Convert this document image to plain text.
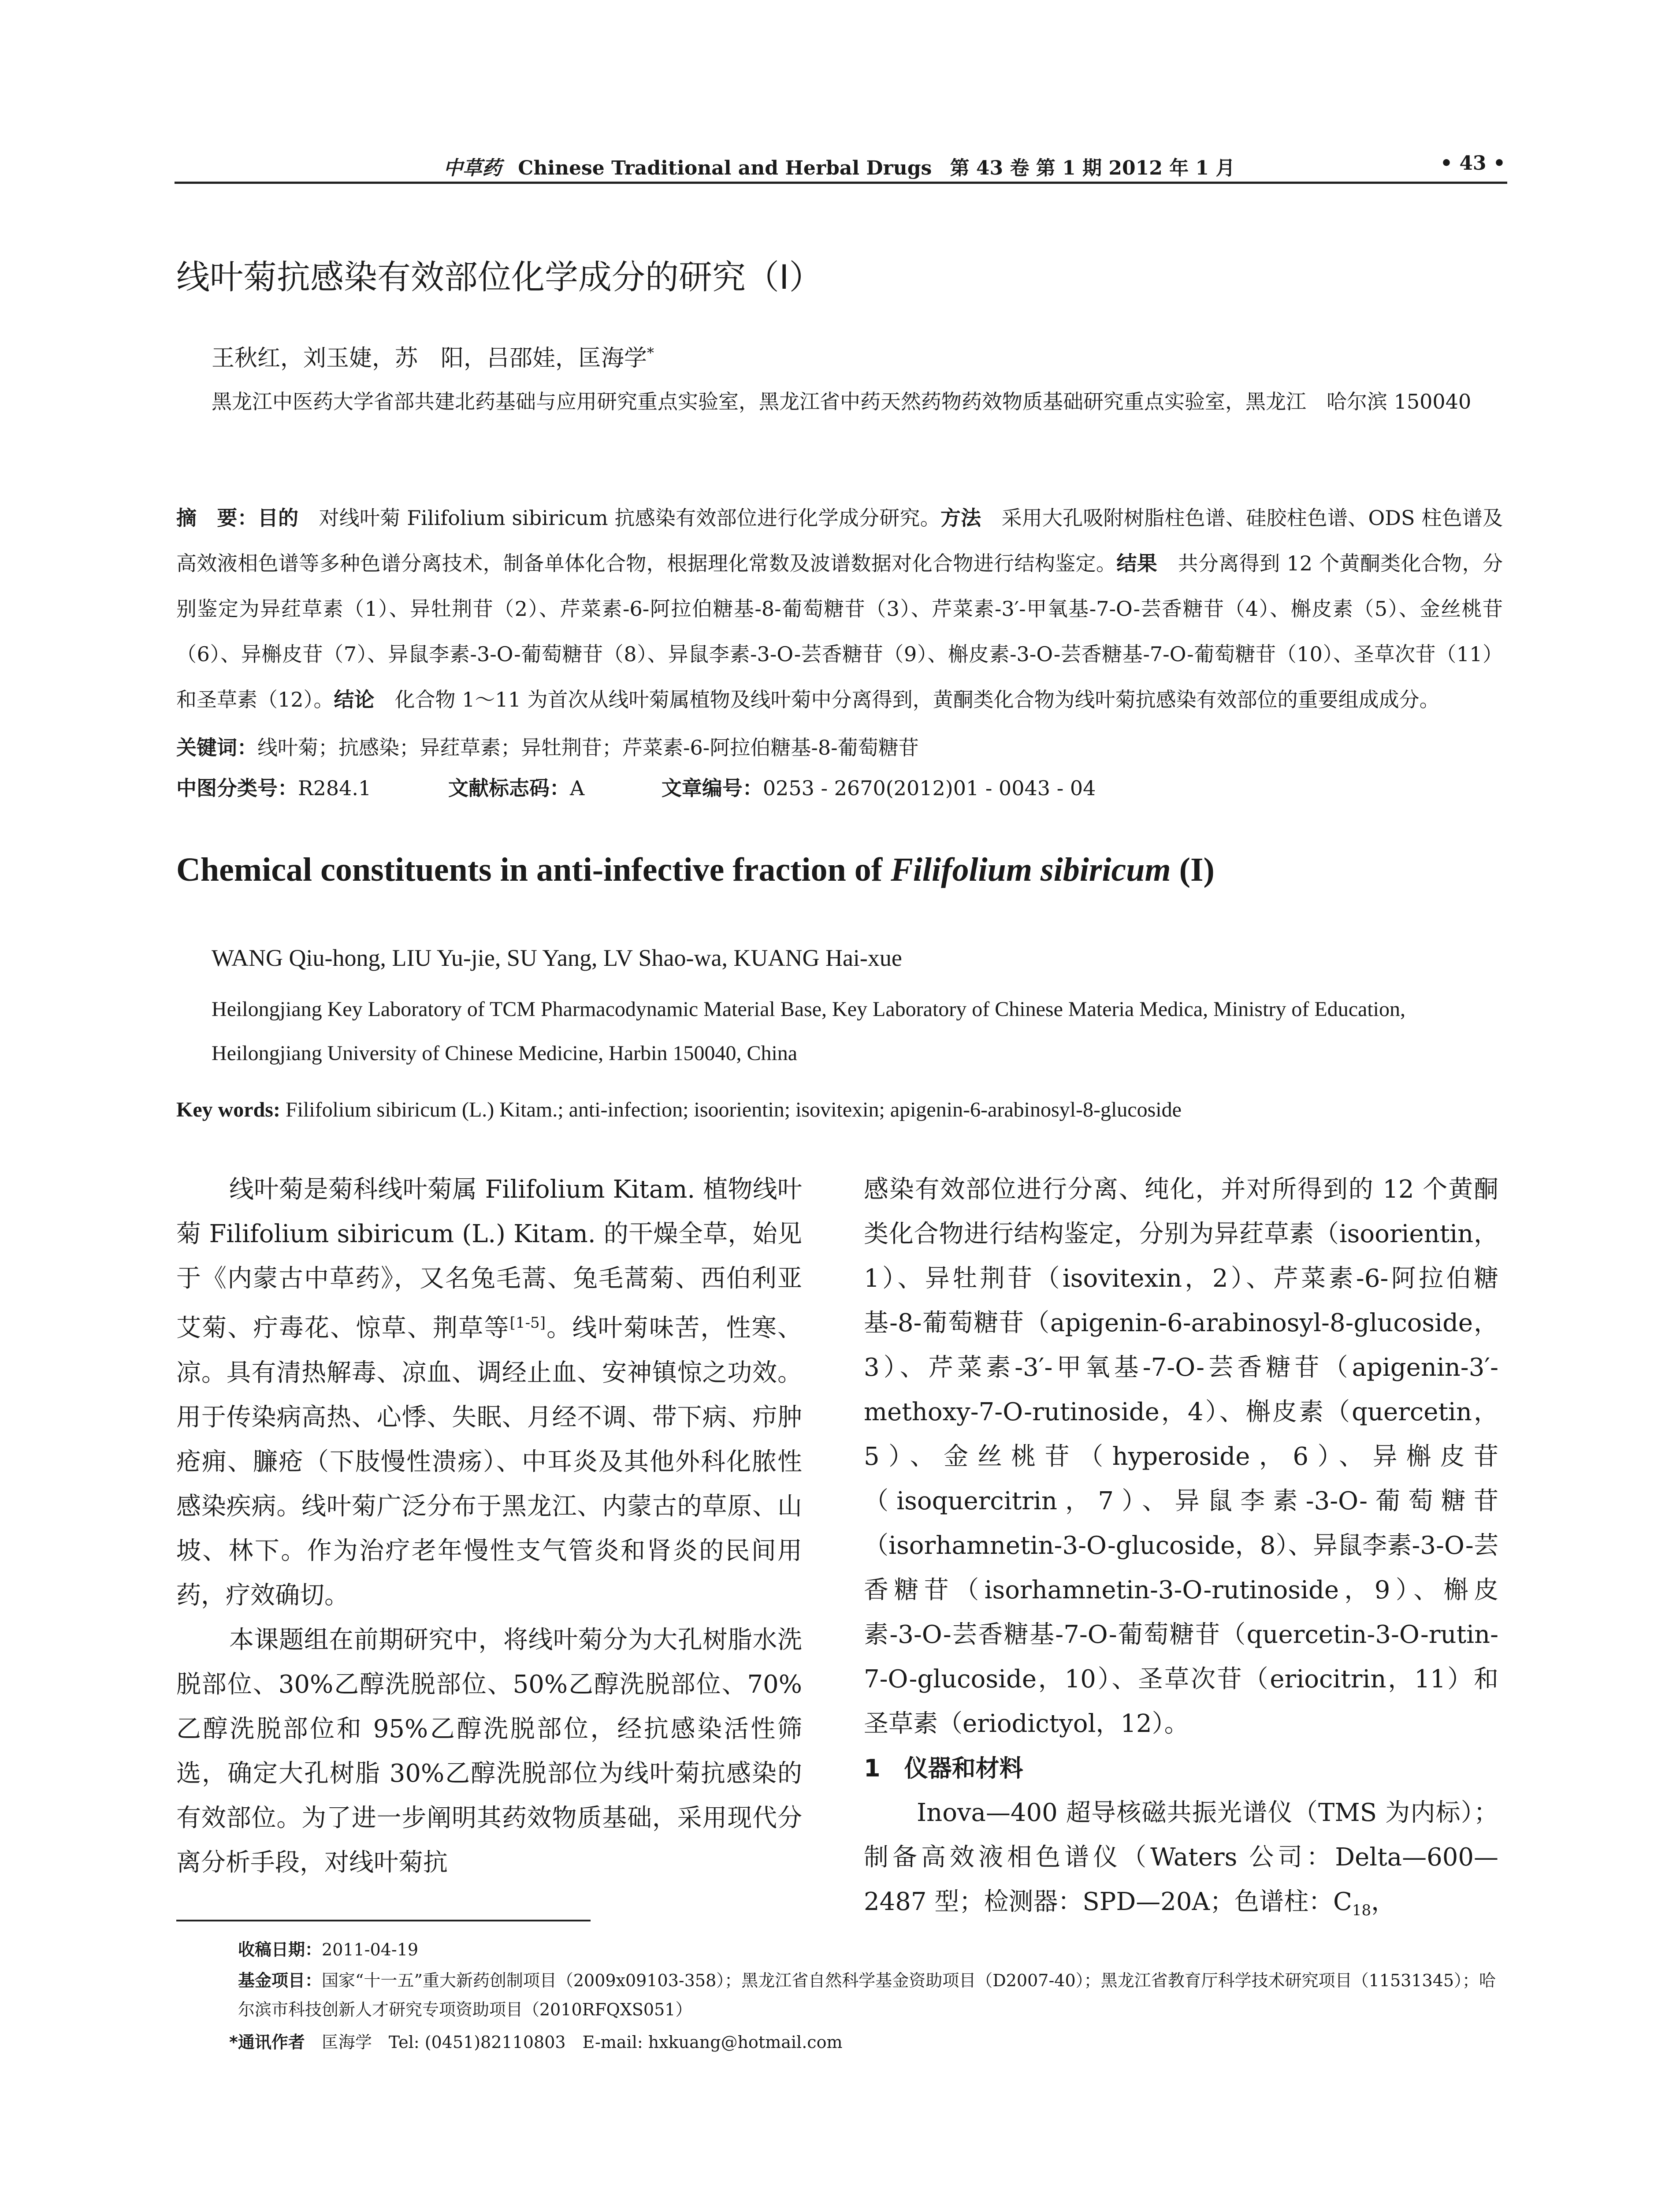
中草药 Chinese Traditional and Herbal Drugs 第 43 卷 第 1 期 2012 年 1 月	• 43 •
线叶菊抗感染有效部位化学成分的研究（I）
王秋红，刘玉婕，苏　阳，吕邵娃，匡海学*
黑龙江中医药大学省部共建北药基础与应用研究重点实验室，黑龙江省中药天然药物药效物质基础研究重点实验室，黑龙江　哈尔滨 150040
摘　要：目的　对线叶菊 Filifolium sibiricum 抗感染有效部位进行化学成分研究。方法　采用大孔吸附树脂柱色谱、硅胶柱色谱、ODS 柱色谱及高效液相色谱等多种色谱分离技术，制备单体化合物，根据理化常数及波谱数据对化合物进行结构鉴定。结果　共分离得到 12 个黄酮类化合物，分别鉴定为异荭草素（1）、异牡荆苷（2）、芹菜素-6-阿拉伯糖基-8-葡萄糖苷（3）、芹菜素-3′-甲氧基-7-O-芸香糖苷（4）、槲皮素（5）、金丝桃苷（6）、异槲皮苷（7）、异鼠李素-3-O-葡萄糖苷（8）、异鼠李素-3-O-芸香糖苷（9）、槲皮素-3-O-芸香糖基-7-O-葡萄糖苷（10）、圣草次苷（11）和圣草素（12）。结论　化合物 1～11 为首次从线叶菊属植物及线叶菊中分离得到，黄酮类化合物为线叶菊抗感染有效部位的重要组成成分。
关键词：线叶菊；抗感染；异荭草素；异牡荆苷；芹菜素-6-阿拉伯糖基-8-葡萄糖苷
中图分类号：R284.1	文献标志码：A	文章编号：0253 - 2670(2012)01 - 0043 - 04
Chemical constituents in anti-infective fraction of Filifolium sibiricum (I)
WANG Qiu-hong, LIU Yu-jie, SU Yang, LV Shao-wa, KUANG Hai-xue
Heilongjiang Key Laboratory of TCM Pharmacodynamic Material Base, Key Laboratory of Chinese Materia Medica, Ministry of Education, Heilongjiang University of Chinese Medicine, Harbin 150040, China
Key words: Filifolium sibiricum (L.) Kitam.; anti-infection; isoorientin; isovitexin; apigenin-6-arabinosyl-8-glucoside

线叶菊是菊科线叶菊属 Filifolium Kitam. 植物线叶菊 Filifolium sibiricum (L.) Kitam. 的干燥全草，始见于《内蒙古中草药》，又名兔毛蒿、兔毛蒿菊、西伯利亚艾菊、疔毒花、惊草、荆草等[1-5]。线叶菊味苦，性寒、凉。具有清热解毒、凉血、调经止血、安神镇惊之功效。用于传染病高热、心悸、失眠、月经不调、带下病、疖肿疮痈、臁疮（下肢慢性溃疡）、中耳炎及其他外科化脓性感染疾病。线叶菊广泛分布于黑龙江、内蒙古的草原、山坡、林下。作为治疗老年慢性支气管炎和肾炎的民间用药，疗效确切。

本课题组在前期研究中，将线叶菊分为大孔树脂水洗脱部位、30%乙醇洗脱部位、50%乙醇洗脱部位、70%乙醇洗脱部位和 95%乙醇洗脱部位，经抗感染活性筛选，确定大孔树脂 30%乙醇洗脱部位为线叶菊抗感染的有效部位。为了进一步阐明其药效物质基础，采用现代分离分析手段，对线叶菊抗

感染有效部位进行分离、纯化，并对所得到的 12 个黄酮类化合物进行结构鉴定，分别为异荭草素（isoorientin，1）、异牡荆苷（isovitexin，2）、芹菜素-6-阿拉伯糖基-8-葡萄糖苷（apigenin-6-arabinosyl-8-glucoside，3）、芹菜素-3′-甲氧基-7-O-芸香糖苷（apigenin-3′-methoxy-7-O-rutinoside，4）、槲皮素（quercetin，5）、金丝桃苷（hyperoside，6）、异槲皮苷（isoquercitrin，7）、异鼠李素-3-O-葡萄糖苷（isorhamnetin-3-O-glucoside，8）、异鼠李素-3-O-芸香糖苷（isorhamnetin-3-O-rutinoside，9）、槲皮素-3-O-芸香糖基-7-O-葡萄糖苷（quercetin-3-O-rutin-7-O-glucoside，10）、圣草次苷（eriocitrin，11）和圣草素（eriodictyol，12）。

1　仪器和材料

Inova—400 超导核磁共振光谱仪（TMS 为内标）；制备高效液相色谱仪（Waters 公司：Delta—600—2487 型；检测器：SPD—20A；色谱柱：$C_{18}$，

收稿日期：2011-04-19
基金项目：国家“十一五”重大新药创制项目（2009x09103-358）；黑龙江省自然科学基金资助项目（D2007-40）；黑龙江省教育厅科学技术研究项目（11531345）；哈尔滨市科技创新人才研究专项资助项目（2010RFQXS051）
*通讯作者　匡海学　Tel: (0451)82110803　E-mail: hxkuang@hotmail.com
